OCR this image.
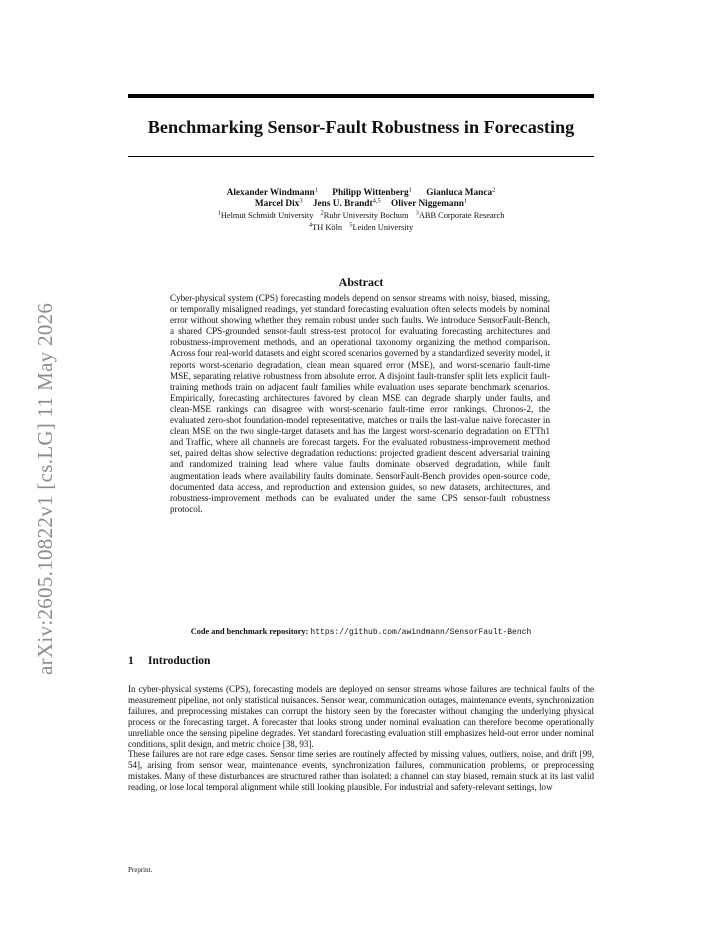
arXiv:2605.10822v1 [cs.LG] 11 May 2026
Benchmarking Sensor-Fault Robustness in Forecasting
Alexander Windmann$^1$ Philipp Wittenberg$^1$ Gianluca Manca$^2$
Marcel Dix$^3$ Jens U. Brandt$^{4,5}$ Oliver Niggemann$^1$
$^1$Helmut Schmidt University $^2$Ruhr University Bochum $^3$ABB Corporate Research
$^4$TH Köln $^5$Leiden University
Abstract

Cyber-physical system (CPS) forecasting models depend on sensor streams with noisy, biased, missing, or temporally misaligned readings, yet standard forecasting evaluation often selects models by nominal error without showing whether they remain robust under such faults. We introduce SensorFault-Bench, a shared CPS-grounded sensor-fault stress-test protocol for evaluating forecasting architectures and robustness-improvement methods, and an operational taxonomy organizing the method comparison. Across four real-world datasets and eight scored scenarios governed by a standardized severity model, it reports worst-scenario degradation, clean mean squared error (MSE), and worst-scenario fault-time MSE, separating relative robustness from absolute error. A disjoint fault-transfer split lets explicit fault-training methods train on adjacent fault families while evaluation uses separate benchmark scenarios. Empirically, forecasting architectures favored by clean MSE can degrade sharply under faults, and clean-MSE rankings can disagree with worst-scenario fault-time error rankings. Chronos-2, the evaluated zero-shot foundation-model representative, matches or trails the last-value naive forecaster in clean MSE on the two single-target datasets and has the largest worst-scenario degradation on ETTh1 and Traffic, where all channels are forecast targets. For the evaluated robustness-improvement method set, paired deltas show selective degradation reductions: projected gradient descent adversarial training and randomized training lead where value faults dominate observed degradation, while fault augmentation leads where availability faults dominate. SensorFault-Bench provides open-source code, documented data access, and reproduction and extension guides, so new datasets, architectures, and robustness-improvement methods can be evaluated under the same CPS sensor-fault robustness protocol.

Code and benchmark repository: https://github.com/awindmann/SensorFault-Bench
1 Introduction

In cyber-physical systems (CPS), forecasting models are deployed on sensor streams whose failures are technical faults of the measurement pipeline, not only statistical nuisances. Sensor wear, communication outages, maintenance events, synchronization failures, and preprocessing mistakes can corrupt the history seen by the forecaster without changing the underlying physical process or the forecasting target. A forecaster that looks strong under nominal evaluation can therefore become operationally unreliable once the sensing pipeline degrades. Yet standard forecasting evaluation still emphasizes held-out error under nominal conditions, split design, and metric choice [38, 93].

These failures are not rare edge cases. Sensor time series are routinely affected by missing values, outliers, noise, and drift [99, 54], arising from sensor wear, maintenance events, synchronization failures, communication problems, or preprocessing mistakes. Many of these disturbances are structured rather than isolated: a channel can stay biased, remain stuck at its last valid reading, or lose local temporal alignment while still looking plausible. For industrial and safety-relevant settings, low

Preprint.
